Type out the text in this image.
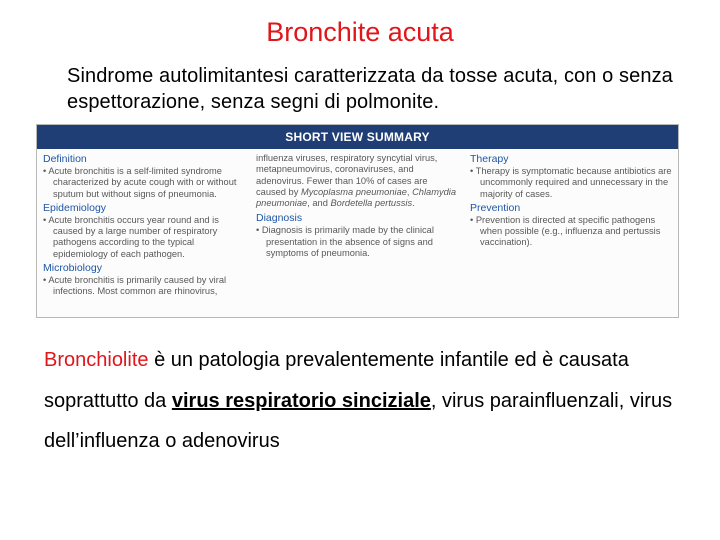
Bronchite acuta
Sindrome autolimitantesi caratterizzata da tosse acuta, con o senza espettorazione, senza segni di polmonite.
SHORT VIEW SUMMARY

Definition

• Acute bronchitis is a self-limited syndrome characterized by acute cough with or without sputum but without signs of pneumonia.

Epidemiology

• Acute bronchitis occurs year round and is caused by a large number of respiratory pathogens according to the typical epidemiology of each pathogen.

Microbiology

• Acute bronchitis is primarily caused by viral infections. Most common are rhinovirus,

influenza viruses, respiratory syncytial virus, metapneumovirus, coronaviruses, and adenovirus. Fewer than 10% of cases are caused by Mycoplasma pneumoniae, Chlamydia pneumoniae, and Bordetella pertussis.

Diagnosis

• Diagnosis is primarily made by the clinical presentation in the absence of signs and symptoms of pneumonia.

Therapy

• Therapy is symptomatic because antibiotics are uncommonly required and unnecessary in the majority of cases.

Prevention

• Prevention is directed at specific pathogens when possible (e.g., influenza and pertussis vaccination).

Bronchiolite è un patologia prevalentemente infantile ed è causata soprattutto da virus respiratorio sinciziale, virus parainfluenzali, virus dell’influenza o adenovirus
